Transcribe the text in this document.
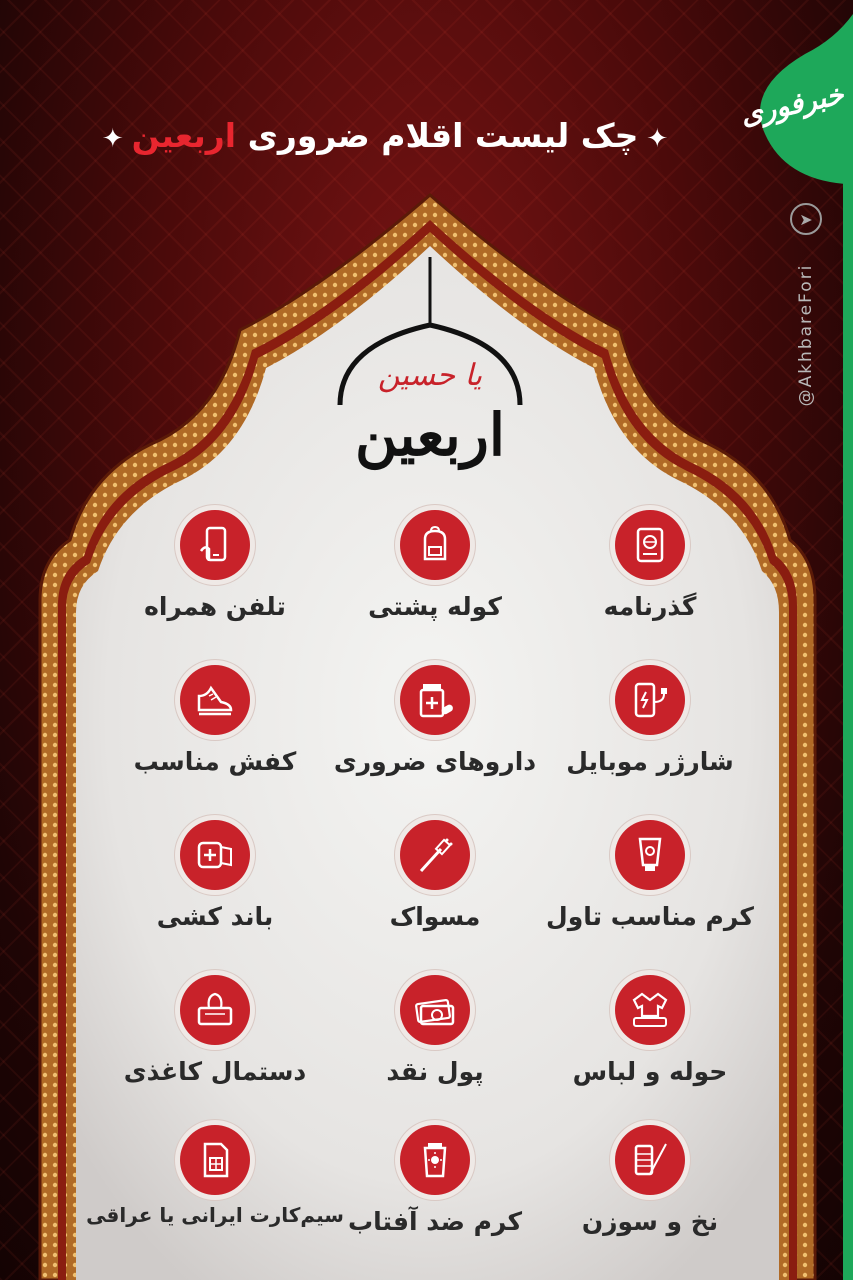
خبرفوری
➤
@AkhbareFori
✦چک لیست اقلام ضروری اربعین✦
یا حسین
اربعین
گذرنامه
کوله پشتی
تلفن همراه
شارژر موبایل
داروهای ضروری
کفش مناسب
کرم مناسب تاول
مسواک
باند کشی
حوله و لباس
پول نقد
دستمال کاغذی
نخ و سوزن
کرم ضد آفتاب
سیم‌کارت ایرانی یا عراقی
